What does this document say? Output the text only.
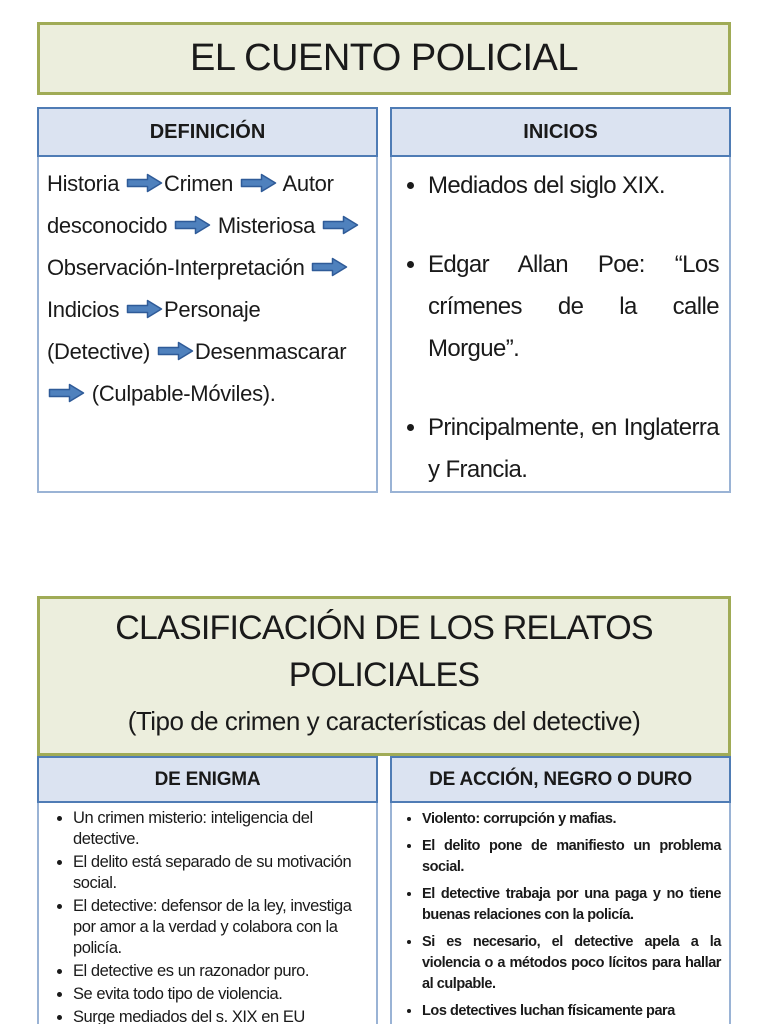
EL CUENTO POLICIAL
DEFINICIÓN
Historia Crimen  Autor desconocido  Misteriosa Observación-Interpretación  Indicios Personaje (Detective) Desenmascarar  (Culpable-Móviles).
INICIOS
• Mediados del siglo XIX.
• Edgar Allan Poe: “Los crímenes de la calle Morgue”.
• Principalmente, en Inglaterra y Francia.
CLASIFICACIÓN DE LOS RELATOS POLICIALES
(Tipo de crimen y características del detective)
DE ENIGMA
• Un crimen misterio: inteligencia del detective.
• El delito está separado de su motivación social.
• El detective: defensor de la ley, investiga por amor a la verdad y colabora con la policía.
• El detective es un razonador puro.
• Se evita todo tipo de violencia.
• Surge mediados del s. XIX en EU
DE ACCIÓN, NEGRO O DURO
• Violento: corrupción y mafias.
• El delito pone de manifiesto un problema social.
• El detective trabaja por una paga y no tiene buenas relaciones con la policía.
• Si es necesario, el detective apela a la violencia o a métodos poco lícitos para hallar al culpable.
• Los detectives luchan físicamente para
